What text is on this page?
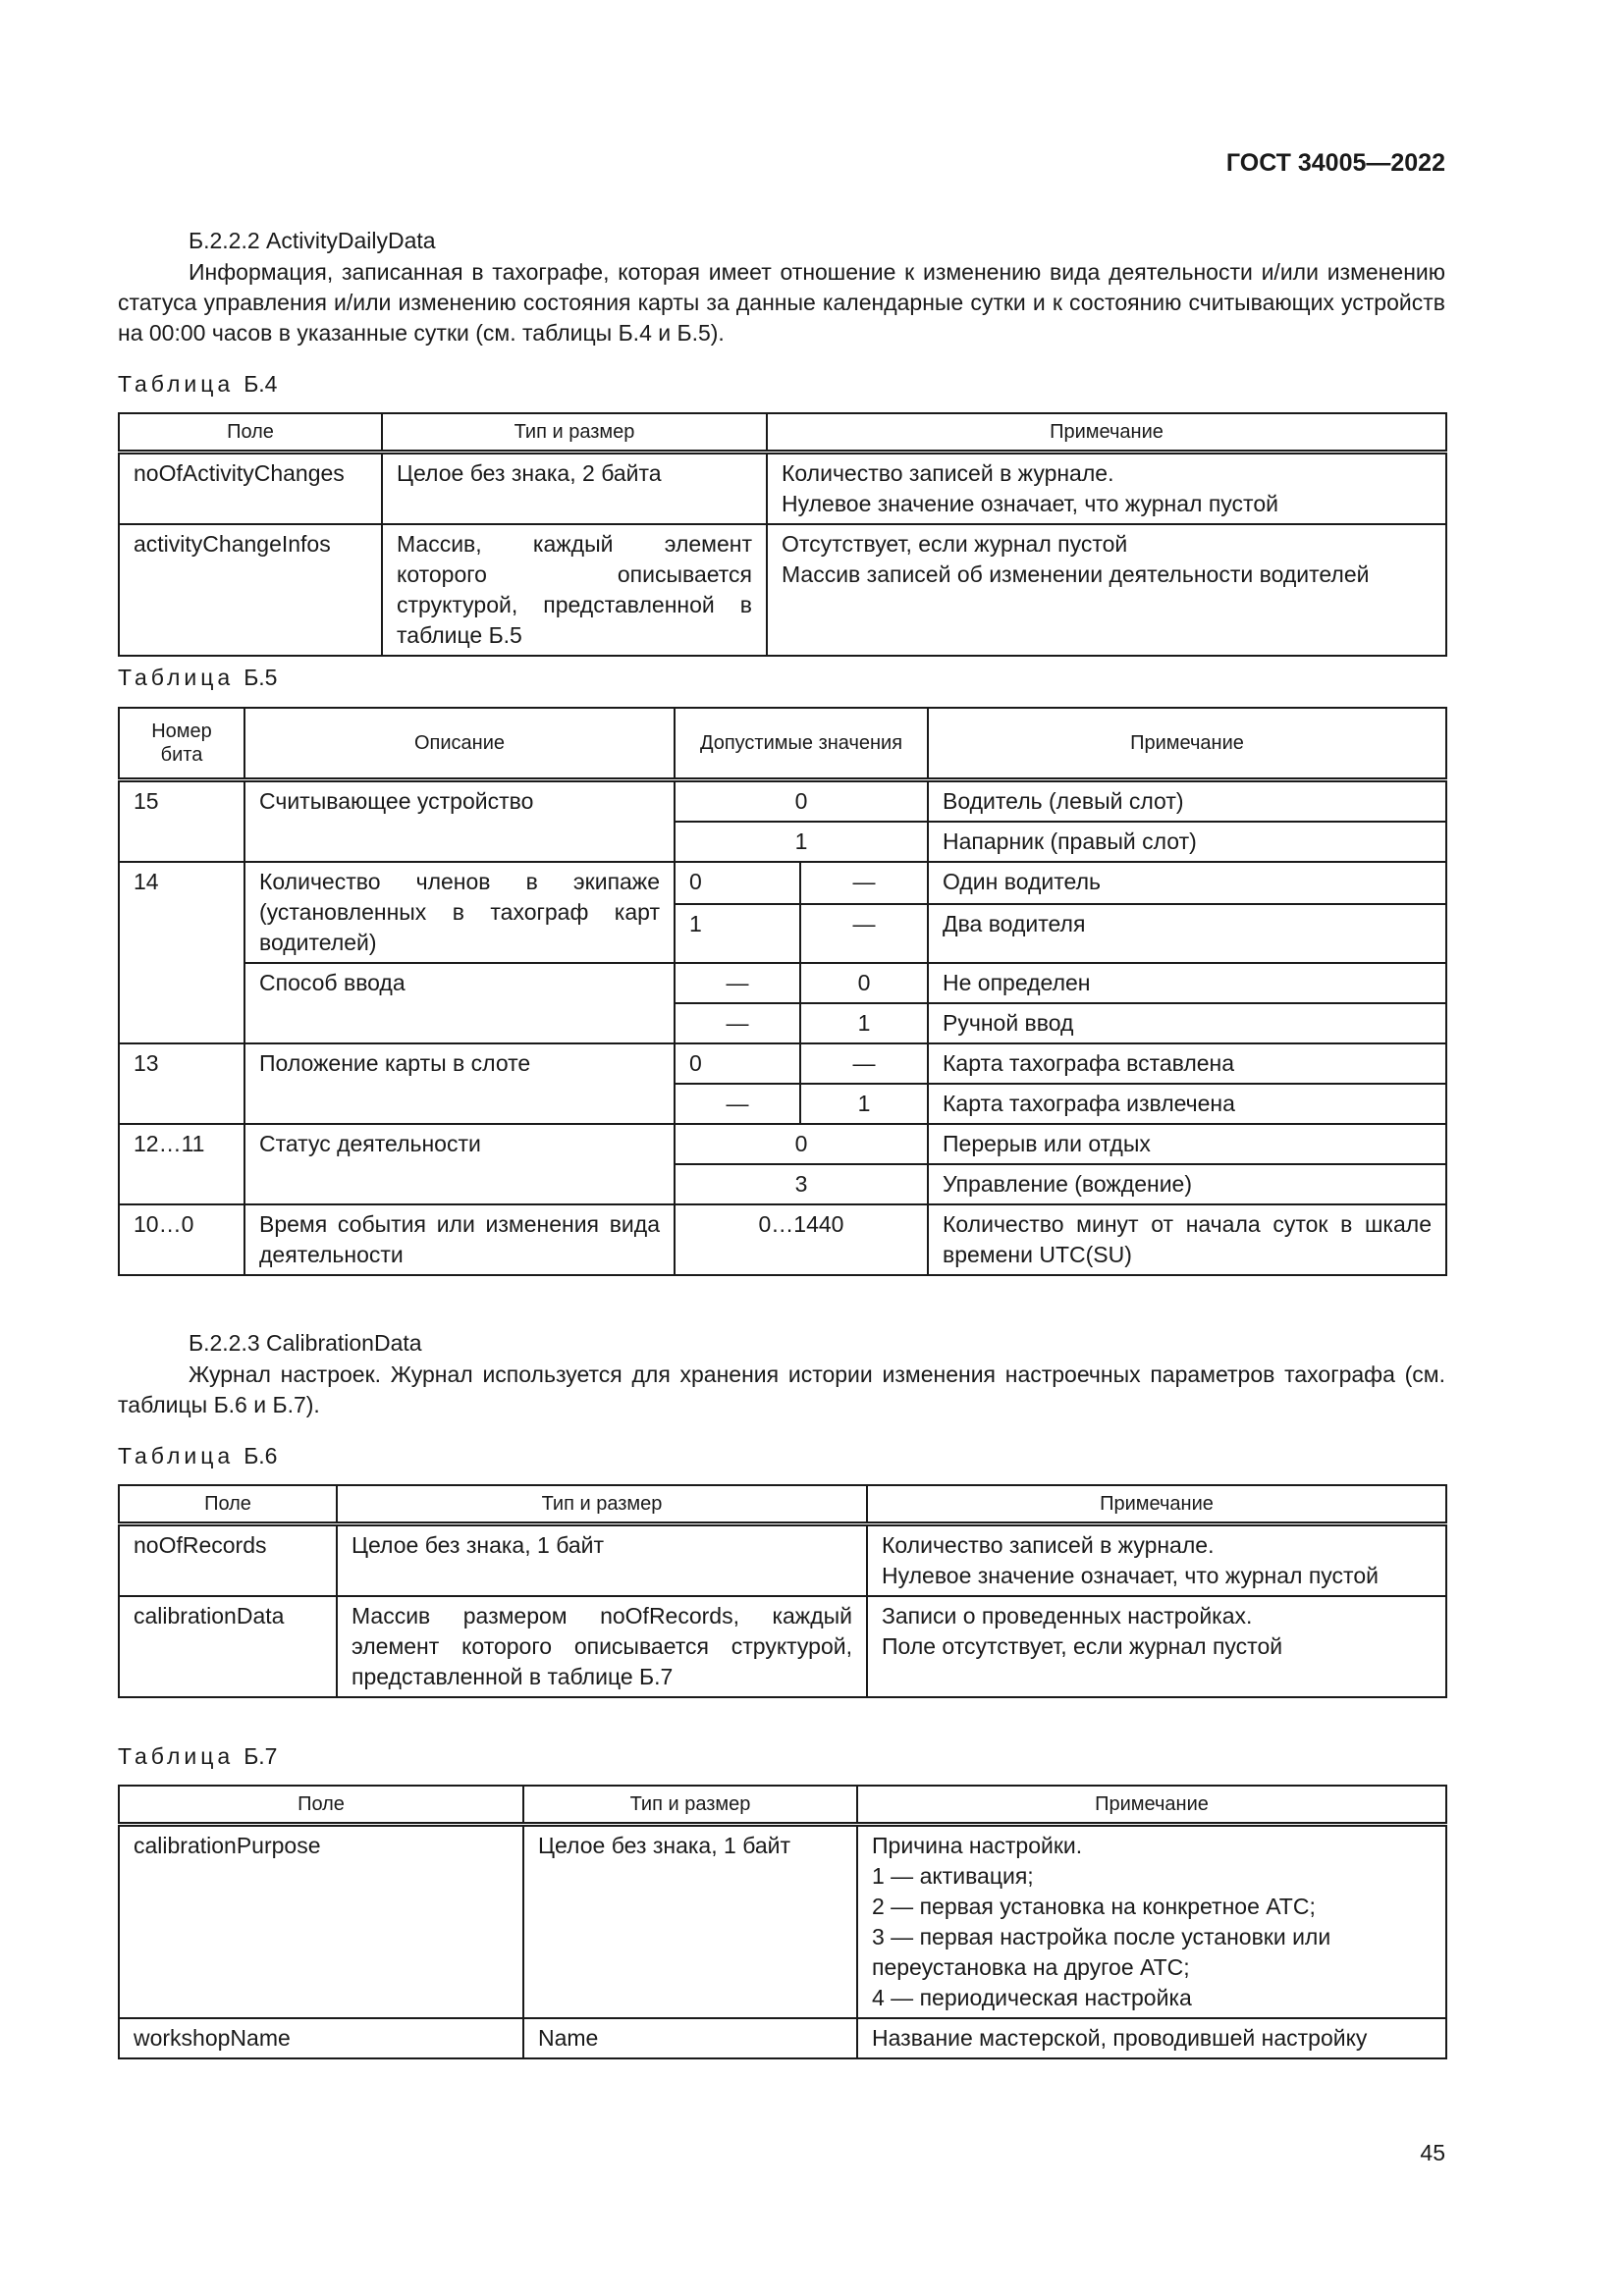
ГОСТ 34005—2022
Б.2.2.2 ActivityDailyData
Информация, записанная в тахографе, которая имеет отношение к изменению вида деятельности и/или изменению статуса управления и/или изменению состояния карты за данные календарные сутки и к состоянию считывающих устройств на 00:00 часов в указанные сутки (см. таблицы Б.4 и Б.5).
Таблица Б.4
Поле	Тип и размер	Примечание
noOfActivityChanges	Целое без знака, 2 байта	Количество записей в журнале.
Нулевое значение означает, что журнал пустой
activityChangeInfos	Массив, каждый элемент которого описывается структурой, представленной в таблице Б.5	Отсутствует, если журнал пустой
Массив записей об изменении деятельности водителей
Таблица Б.5
Номер бита	Описание	Допустимые значения		Примечание
15	Считывающее устройство	0		Водитель (левый слот)
		1		Напарник (правый слот)
14	Количество членов в экипаже (установленных в тахограф карт водителей)	0	—	Один водитель
		1	—	Два водителя
	Способ ввода	—	0	Не определен
		—	1	Ручной ввод
13	Положение карты в слоте	0	—	Карта тахографа вставлена
		—	1	Карта тахографа извлечена
12…11	Статус деятельности	0		Перерыв или отдых
		3		Управление (вождение)
10…0	Время события или изменения вида деятельности	0…1440		Количество минут от начала суток в шкале времени UTC(SU)
Б.2.2.3 CalibrationData
Журнал настроек. Журнал используется для хранения истории изменения настроечных параметров тахографа (см. таблицы Б.6 и Б.7).
Таблица Б.6
Поле	Тип и размер	Примечание
noOfRecords	Целое без знака, 1 байт	Количество записей в журнале.
Нулевое значение означает, что журнал пустой
calibrationData	Массив размером noOfRecords, каждый элемент которого описывается структурой, представленной в таблице Б.7	Записи о проведенных настройках.
Поле отсутствует, если журнал пустой
Таблица Б.7
Поле	Тип и размер	Примечание
calibrationPurpose	Целое без знака, 1 байт	Причина настройки.
1 — активация;
2 — первая установка на конкретное АТС;
3 — первая настройка после установки или переустановка на другое АТС;
4 — периодическая настройка
workshopName	Name	Название мастерской, проводившей настройку
45
